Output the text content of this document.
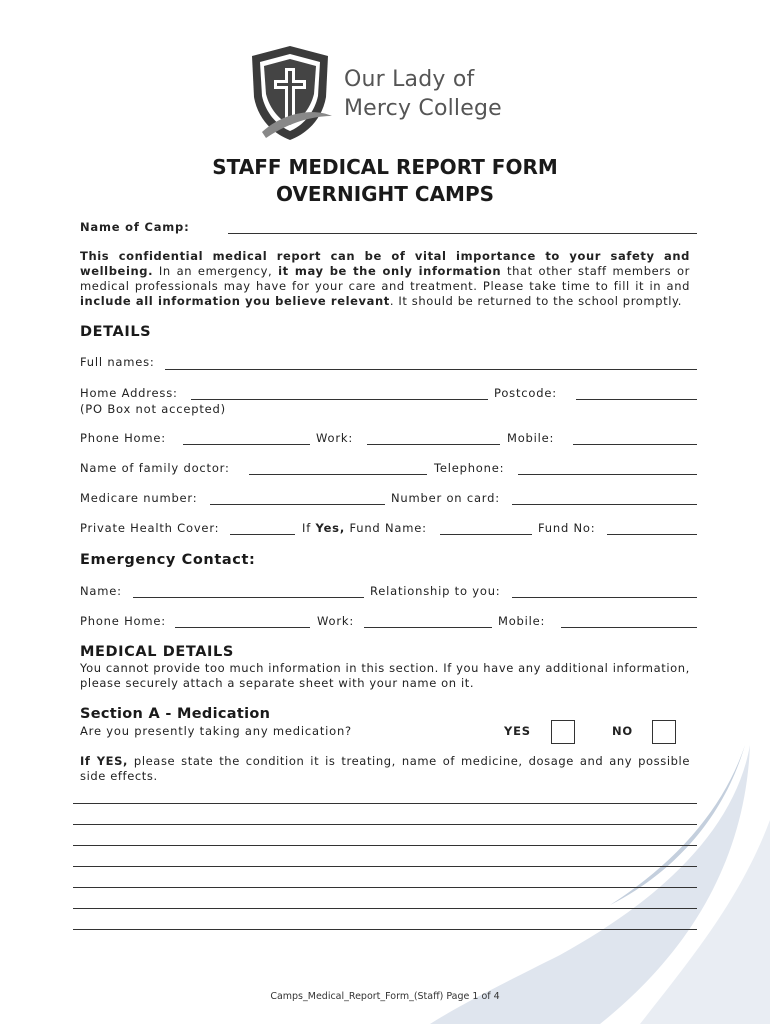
Our Lady of
Mercy College
STAFF MEDICAL REPORT FORM
OVERNIGHT CAMPS
Name of Camp:
This confidential medical report can be of vital importance to your safety and wellbeing. In an emergency, it may be the only information that other staff members or medical professionals may have for your care and treatment. Please take time to fill it in and include all information you believe relevant. It should be returned to the school promptly.
DETAILS
Full names:
Home Address:	Postcode:
(PO Box not accepted)
Phone Home:	Work:	Mobile:
Name of family doctor:	Telephone:
Medicare number:	Number on card:
Private Health Cover:	If Yes, Fund Name:	Fund No:
Emergency Contact:
Name:	Relationship to you:
Phone Home:	Work:	Mobile:
MEDICAL DETAILS
You cannot provide too much information in this section. If you have any additional information, please securely attach a separate sheet with your name on it.
Section A - Medication
Are you presently taking any medication?	YES	NO
If YES, please state the condition it is treating, name of medicine, dosage and any possible side effects.
Camps_Medical_Report_Form_(Staff) Page 1 of 4
